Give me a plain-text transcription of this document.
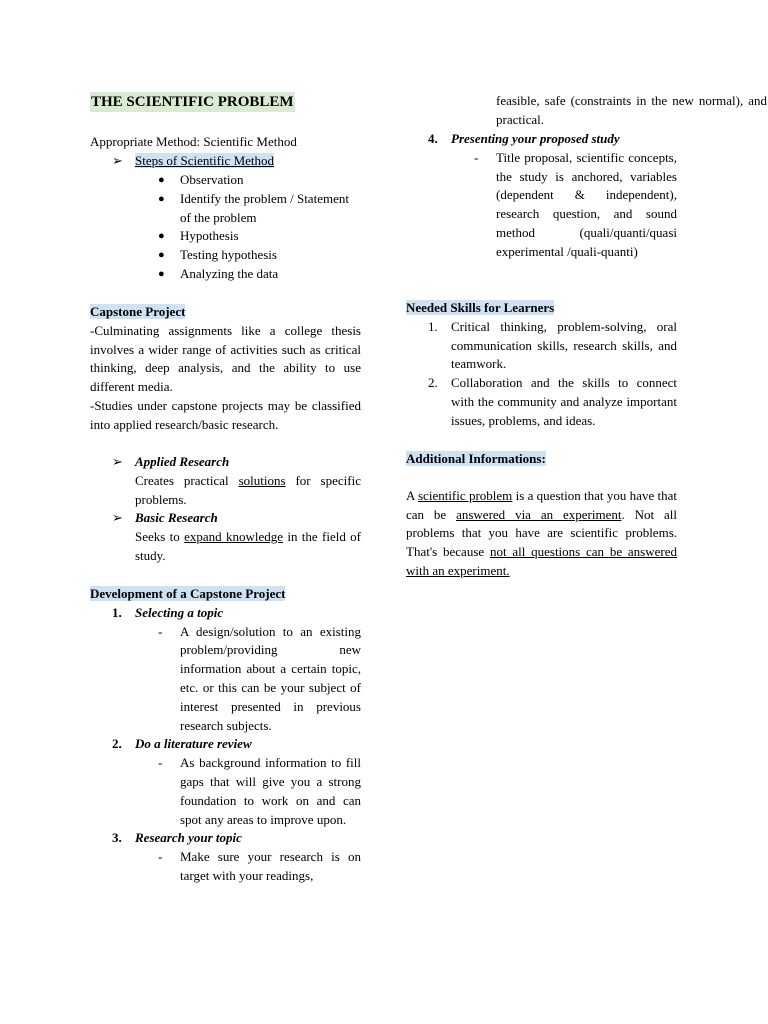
THE SCIENTIFIC PROBLEM
Appropriate Method: Scientific Method
➢ Steps of Scientific Method
● Observation
● Identify the problem / Statement of the problem
● Hypothesis
● Testing hypothesis
● Analyzing the data
Capstone Project
-Culminating assignments like a college thesis involves a wider range of activities such as critical thinking, deep analysis, and the ability to use different media.
-Studies under capstone projects may be classified into applied research/basic research.
➢ Applied Research
Creates practical solutions for specific problems.
➢ Basic Research
Seeks to expand knowledge in the field of study.
Development of a Capstone Project
1. Selecting a topic
- A design/solution to an existing problem/providing new information about a certain topic, etc. or this can be your subject of interest presented in previous research subjects.
2. Do a literature review
- As background information to fill gaps that will give you a strong foundation to work on and can spot any areas to improve upon.
3. Research your topic
- Make sure your research is on target with your readings,
feasible, safe (constraints in the new normal), and practical.
4. Presenting your proposed study
- Title proposal, scientific concepts, the study is anchored, variables (dependent & independent), research question, and sound method (quali/quanti/quasi experimental /quali-quanti)
Needed Skills for Learners
1. Critical thinking, problem-solving, oral communication skills, research skills, and teamwork.
2. Collaboration and the skills to connect with the community and analyze important issues, problems, and ideas.
Additional Informations:
A scientific problem is a question that you have that can be answered via an experiment. Not all problems that you have are scientific problems. That's because not all questions can be answered with an experiment.
